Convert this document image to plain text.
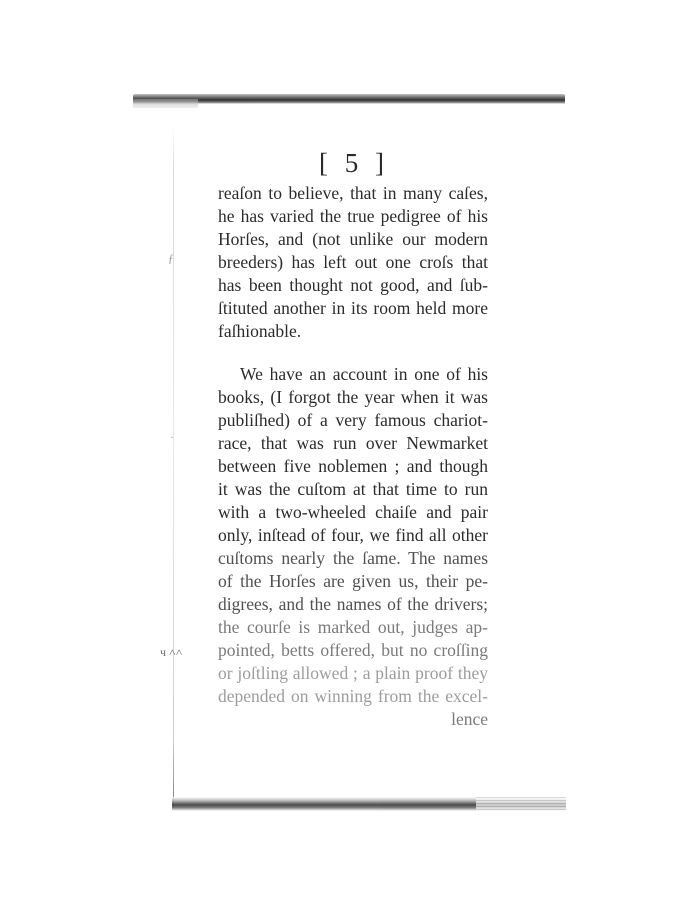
ƒ
·
ч ˄˄
[ 5 ]
reaſon to believe, that in many caſes,
he has varied the true pedigree of his
Horſes, and (not unlike our modern
breeders) has left out one croſs that
has been thought not good, and ſub-
ſtituted another in its room held more
faſhionable.
We have an account in one of his
books, (I forgot the year when it was
publiſhed) of a very famous chariot-
race, that was run over Newmarket
between five noblemen ; and though
it was the cuſtom at that time to run
with a two-wheeled chaiſe and pair
only, inſtead of four, we find all other
cuſtoms nearly the ſame. The names
of the Horſes are given us, their pe-
digrees, and the names of the drivers;
the courſe is marked out, judges ap-
pointed, betts offered, but no croſſing
or joſtling allowed ; a plain proof they
depended on winning from the excel-
lence
